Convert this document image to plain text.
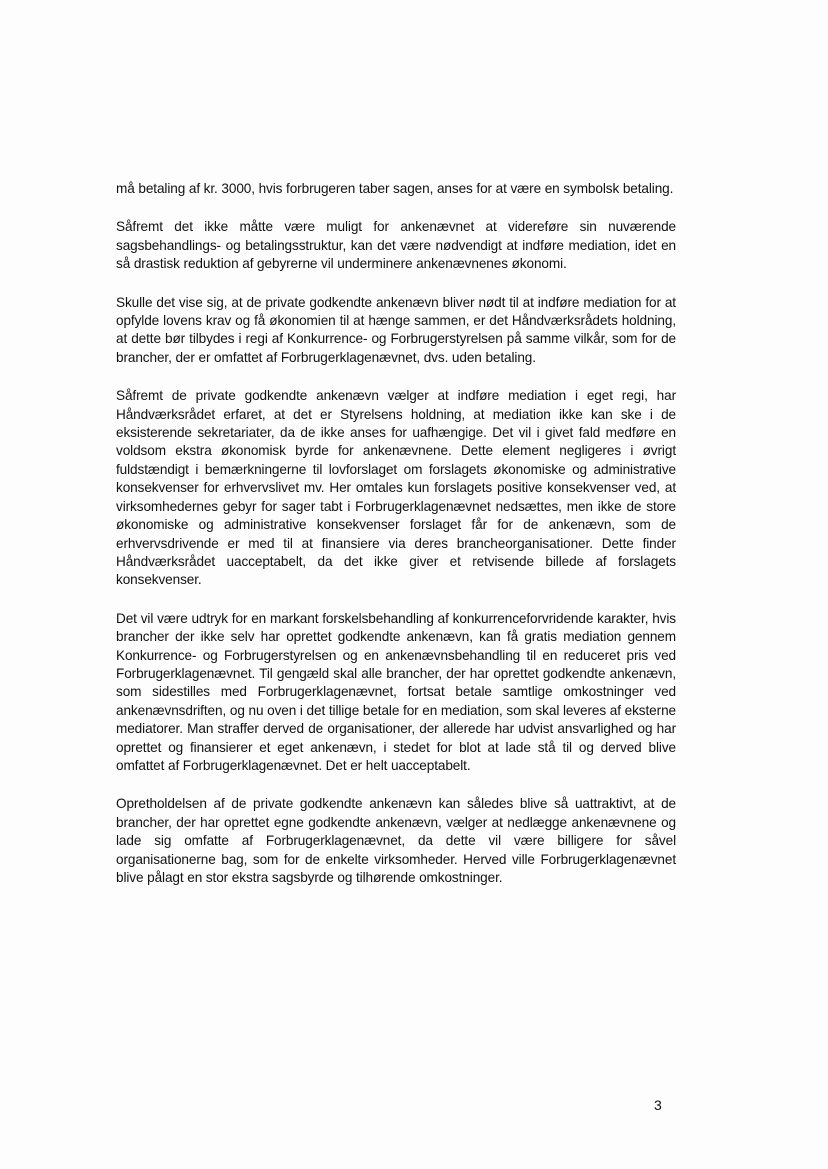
må betaling af kr. 3000, hvis forbrugeren taber sagen, anses for at være en symbolsk betaling.

Såfremt det ikke måtte være muligt for ankenævnet at videreføre sin nuværende sagsbehandlings- og betalingsstruktur, kan det være nødvendigt at indføre mediation, idet en så drastisk reduktion af gebyrerne vil underminere ankenævnenes økonomi.

Skulle det vise sig, at de private godkendte ankenævn bliver nødt til at indføre mediation for at opfylde lovens krav og få økonomien til at hænge sammen, er det Håndværksrådets holdning, at dette bør tilbydes i regi af Konkurrence- og Forbrugerstyrelsen på samme vilkår, som for de brancher, der er omfattet af Forbrugerklagenævnet, dvs. uden betaling.

Såfremt de private godkendte ankenævn vælger at indføre mediation i eget regi, har Håndværksrådet erfaret, at det er Styrelsens holdning, at mediation ikke kan ske i de eksisterende sekretariater, da de ikke anses for uafhængige. Det vil i givet fald medføre en voldsom ekstra økonomisk byrde for ankenævnene. Dette element negligeres i øvrigt fuldstændigt i bemærkningerne til lovforslaget om forslagets økonomiske og administrative konsekvenser for erhvervslivet mv. Her omtales kun forslagets positive konsekvenser ved, at virksomhedernes gebyr for sager tabt i Forbrugerklagenævnet nedsættes, men ikke de store økonomiske og administrative konsekvenser forslaget får for de ankenævn, som de erhvervsdrivende er med til at finansiere via deres brancheorganisationer. Dette finder Håndværksrådet uacceptabelt, da det ikke giver et retvisende billede af forslagets konsekvenser.

Det vil være udtryk for en markant forskelsbehandling af konkurrenceforvridende karakter, hvis brancher der ikke selv har oprettet godkendte ankenævn, kan få gratis mediation gennem Konkurrence- og Forbrugerstyrelsen og en ankenævnsbehandling til en reduceret pris ved Forbrugerklagenævnet. Til gengæld skal alle brancher, der har oprettet godkendte ankenævn, som sidestilles med Forbrugerklagenævnet, fortsat betale samtlige omkostninger ved ankenævnsdriften, og nu oven i det tillige betale for en mediation, som skal leveres af eksterne mediatorer. Man straffer derved de organisationer, der allerede har udvist ansvarlighed og har oprettet og finansierer et eget ankenævn, i stedet for blot at lade stå til og derved blive omfattet af Forbrugerklagenævnet. Det er helt uacceptabelt.

Opretholdelsen af de private godkendte ankenævn kan således blive så uattraktivt, at de brancher, der har oprettet egne godkendte ankenævn, vælger at nedlægge ankenævnene og lade sig omfatte af Forbrugerklagenævnet, da dette vil være billigere for såvel organisationerne bag, som for de enkelte virksomheder. Herved ville Forbrugerklagenævnet blive pålagt en stor ekstra sagsbyrde og tilhørende omkostninger.

3
